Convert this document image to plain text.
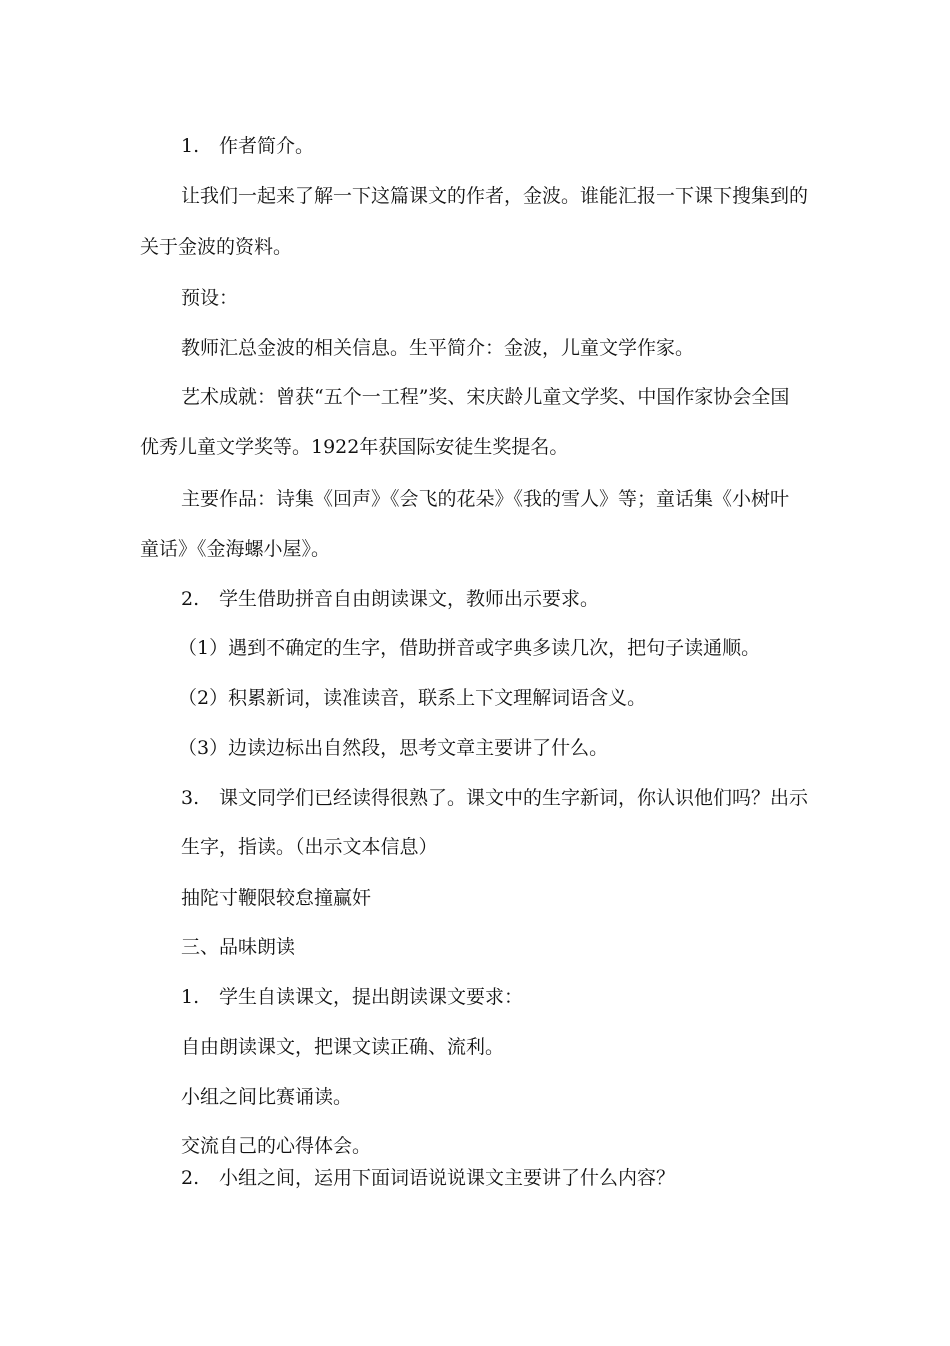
1. 作者简介。

让我们一起来了解一下这篇课文的作者，金波。谁能汇报一下课下搜集到的

关于金波的资料。

预设：

教师汇总金波的相关信息。生平简介：金波，儿童文学作家。

艺术成就：曾获“五个一工程”奖、宋庆龄儿童文学奖、中国作家协会全国

优秀儿童文学奖等。1922年获国际安徒生奖提名。

主要作品：诗集《回声》《会飞的花朵》《我的雪人》等；童话集《小树叶

童话》《金海螺小屋》。

2. 学生借助拼音自由朗读课文，教师出示要求。

（1）遇到不确定的生字，借助拼音或字典多读几次，把句子读通顺。

（2）积累新词，读准读音，联系上下文理解词语含义。

（3）边读边标出自然段，思考文章主要讲了什么。

3. 课文同学们已经读得很熟了。课文中的生字新词，你认识他们吗？出示

生字，指读。（出示文本信息）

抽陀寸鞭限较怠撞赢奸

三、品味朗读

1. 学生自读课文，提出朗读课文要求：

自由朗读课文，把课文读正确、流利。

小组之间比赛诵读。

交流自己的心得体会。

2. 小组之间，运用下面词语说说课文主要讲了什么内容？
